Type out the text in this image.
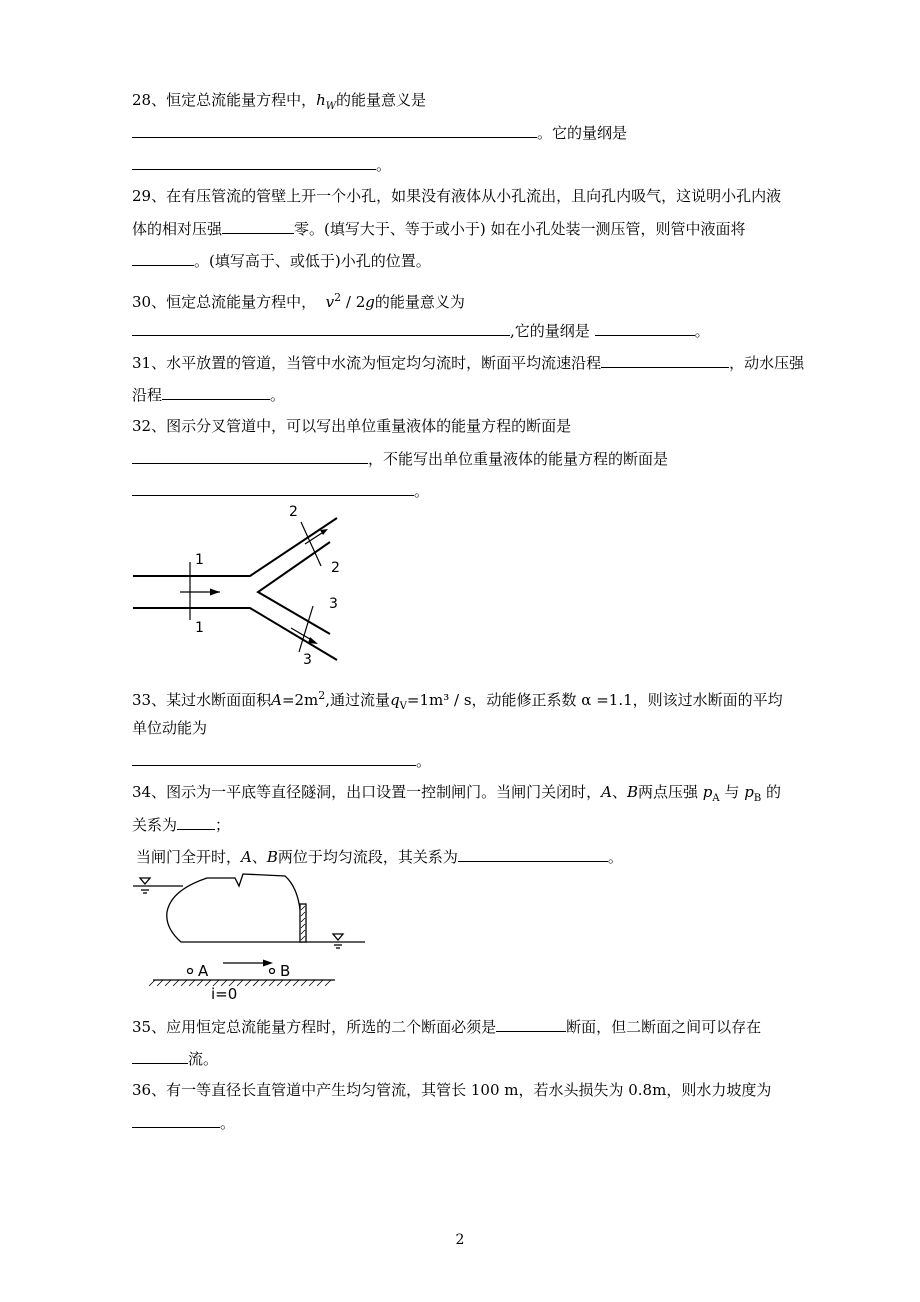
28、恒定总流能量方程中，$h_W$的能量意义是
。它的量纲是
。
29、在有压管流的管壁上开一个小孔，如果没有液体从小孔流出，且向孔内吸气，这说明小孔内液
体的相对压强	零。(填写大于、等于或小于) 如在小孔处装一测压管，则管中液面将
。(填写高于、或低于)小孔的位置。
30、恒定总流能量方程中， $v^2 / 2g$的能量意义为
,它的量纲是	。
31、水平放置的管道，当管中水流为恒定均匀流时，断面平均流速沿程	，动水压强
沿程	。
32、图示分叉管道中，可以写出单位重量液体的能量方程的断面是
，不能写出单位重量液体的能量方程的断面是
。
1
1
2
2
3
3
33、某过水断面面积$A=2m^2$,通过流量$q_V=1m^3 / s$，动能修正系数 α =1.1，则该过水断面的平均
单位动能为
。
34、图示为一平底等直径隧洞，出口设置一控制闸门。当闸门关闭时，A、B两点压强 $p_A$ 与 $p_B$ 的
关系为	；
当闸门全开时，A、B两位于均匀流段，其关系为	。
A	B
i=0
35、应用恒定总流能量方程时，所选的二个断面必须是	断面，但二断面之间可以存在
流。
36、有一等直径长直管道中产生均匀管流，其管长 100 m，若水头损失为 0.8m，则水力坡度为
。
2
